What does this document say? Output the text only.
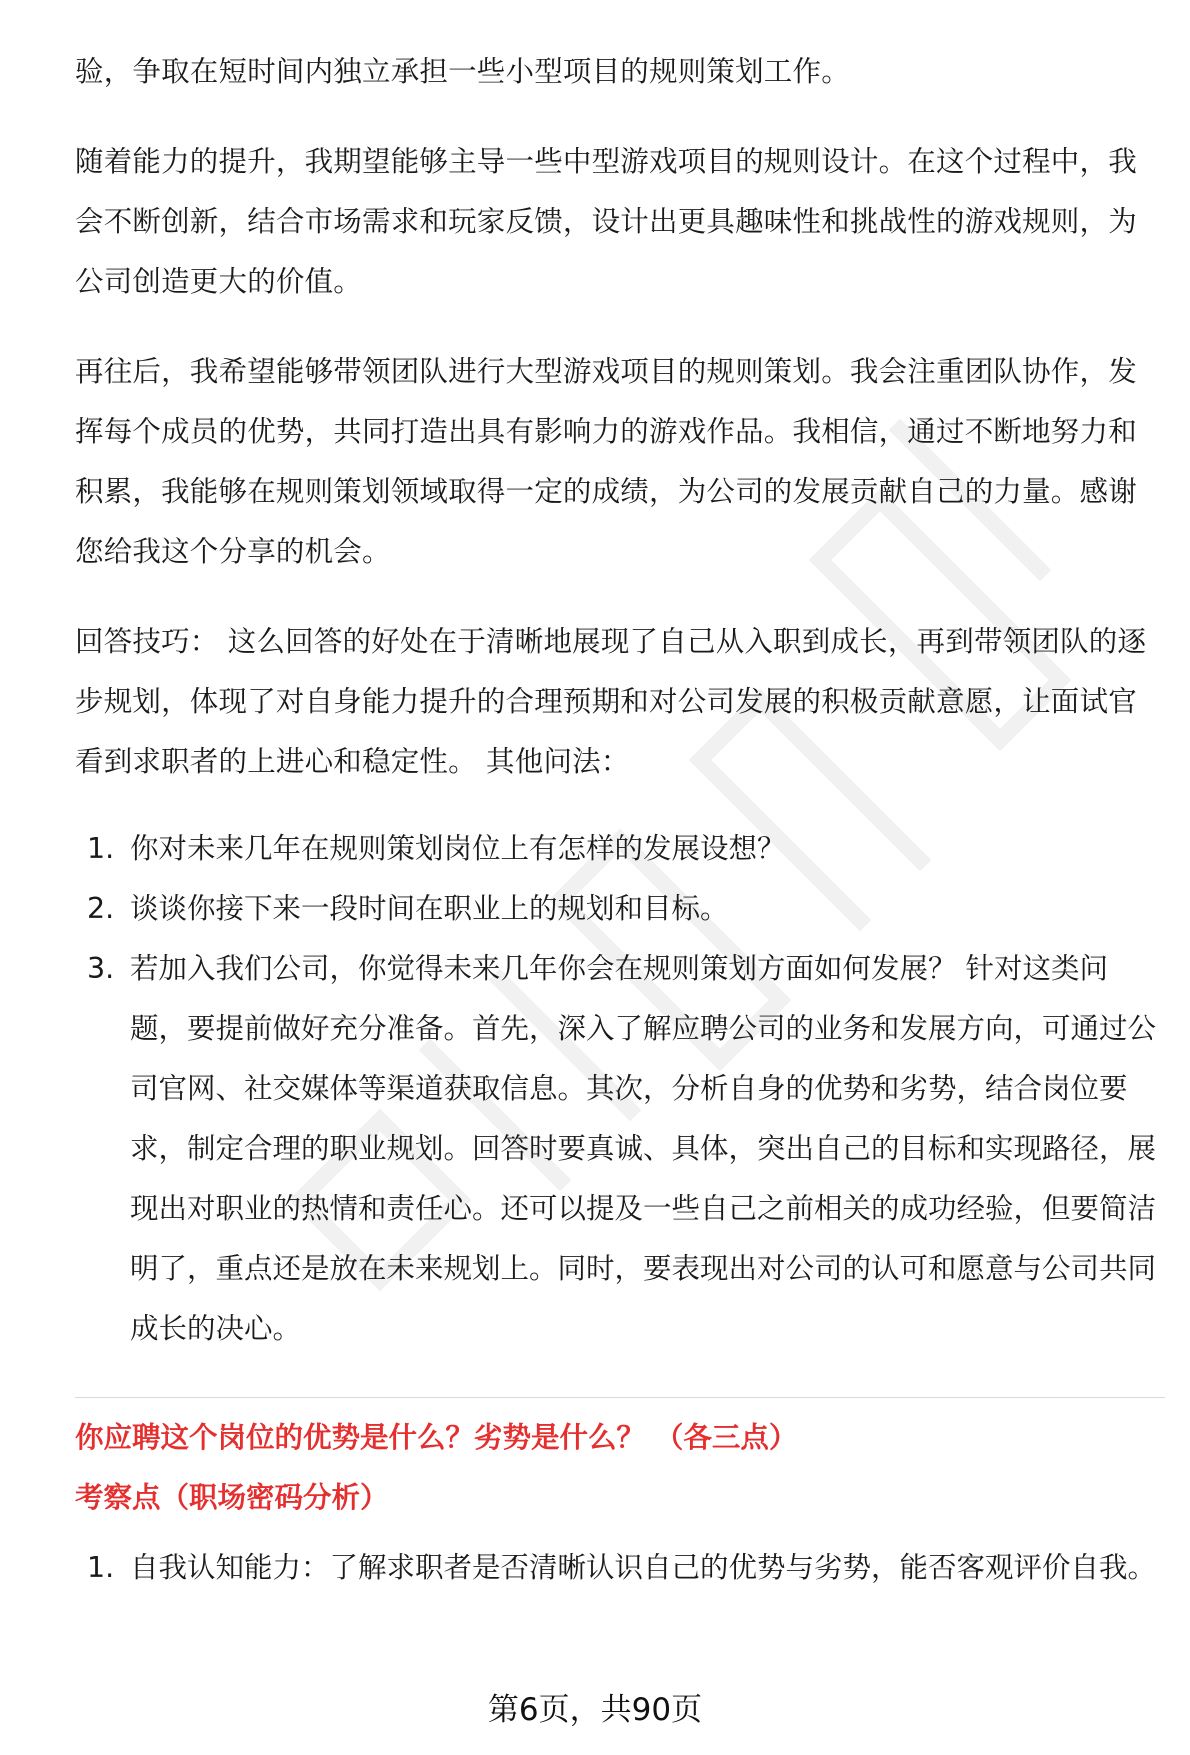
验，争取在短时间内独立承担一些小型项目的规则策划工作。

随着能力的提升，我期望能够主导一些中型游戏项目的规则设计。在这个过程中，我会不断创新，结合市场需求和玩家反馈，设计出更具趣味性和挑战性的游戏规则，为公司创造更大的价值。

再往后，我希望能够带领团队进行大型游戏项目的规则策划。我会注重团队协作，发挥每个成员的优势，共同打造出具有影响力的游戏作品。我相信，通过不断地努力和积累，我能够在规则策划领域取得一定的成绩，为公司的发展贡献自己的力量。感谢您给我这个分享的机会。

回答技巧： 这么回答的好处在于清晰地展现了自己从入职到成长，再到带领团队的逐步规划，体现了对自身能力提升的合理预期和对公司发展的积极贡献意愿，让面试官看到求职者的上进心和稳定性。 其他问法：

1. 你对未来几年在规则策划岗位上有怎样的发展设想？
2. 谈谈你接下来一段时间在职业上的规划和目标。
3. 若加入我们公司，你觉得未来几年你会在规则策划方面如何发展？ 针对这类问题，要提前做好充分准备。首先，深入了解应聘公司的业务和发展方向，可通过公司官网、社交媒体等渠道获取信息。其次，分析自身的优势和劣势，结合岗位要求，制定合理的职业规划。回答时要真诚、具体，突出自己的目标和实现路径，展现出对职业的热情和责任心。还可以提及一些自己之前相关的成功经验，但要简洁明了，重点还是放在未来规划上。同时，要表现出对公司的认可和愿意与公司共同成长的决心。

你应聘这个岗位的优势是什么？劣势是什么？ （各三点）

考察点（职场密码分析）

1. 自我认知能力：了解求职者是否清晰认识自己的优势与劣势，能否客观评价自我。
第6页，共90页
